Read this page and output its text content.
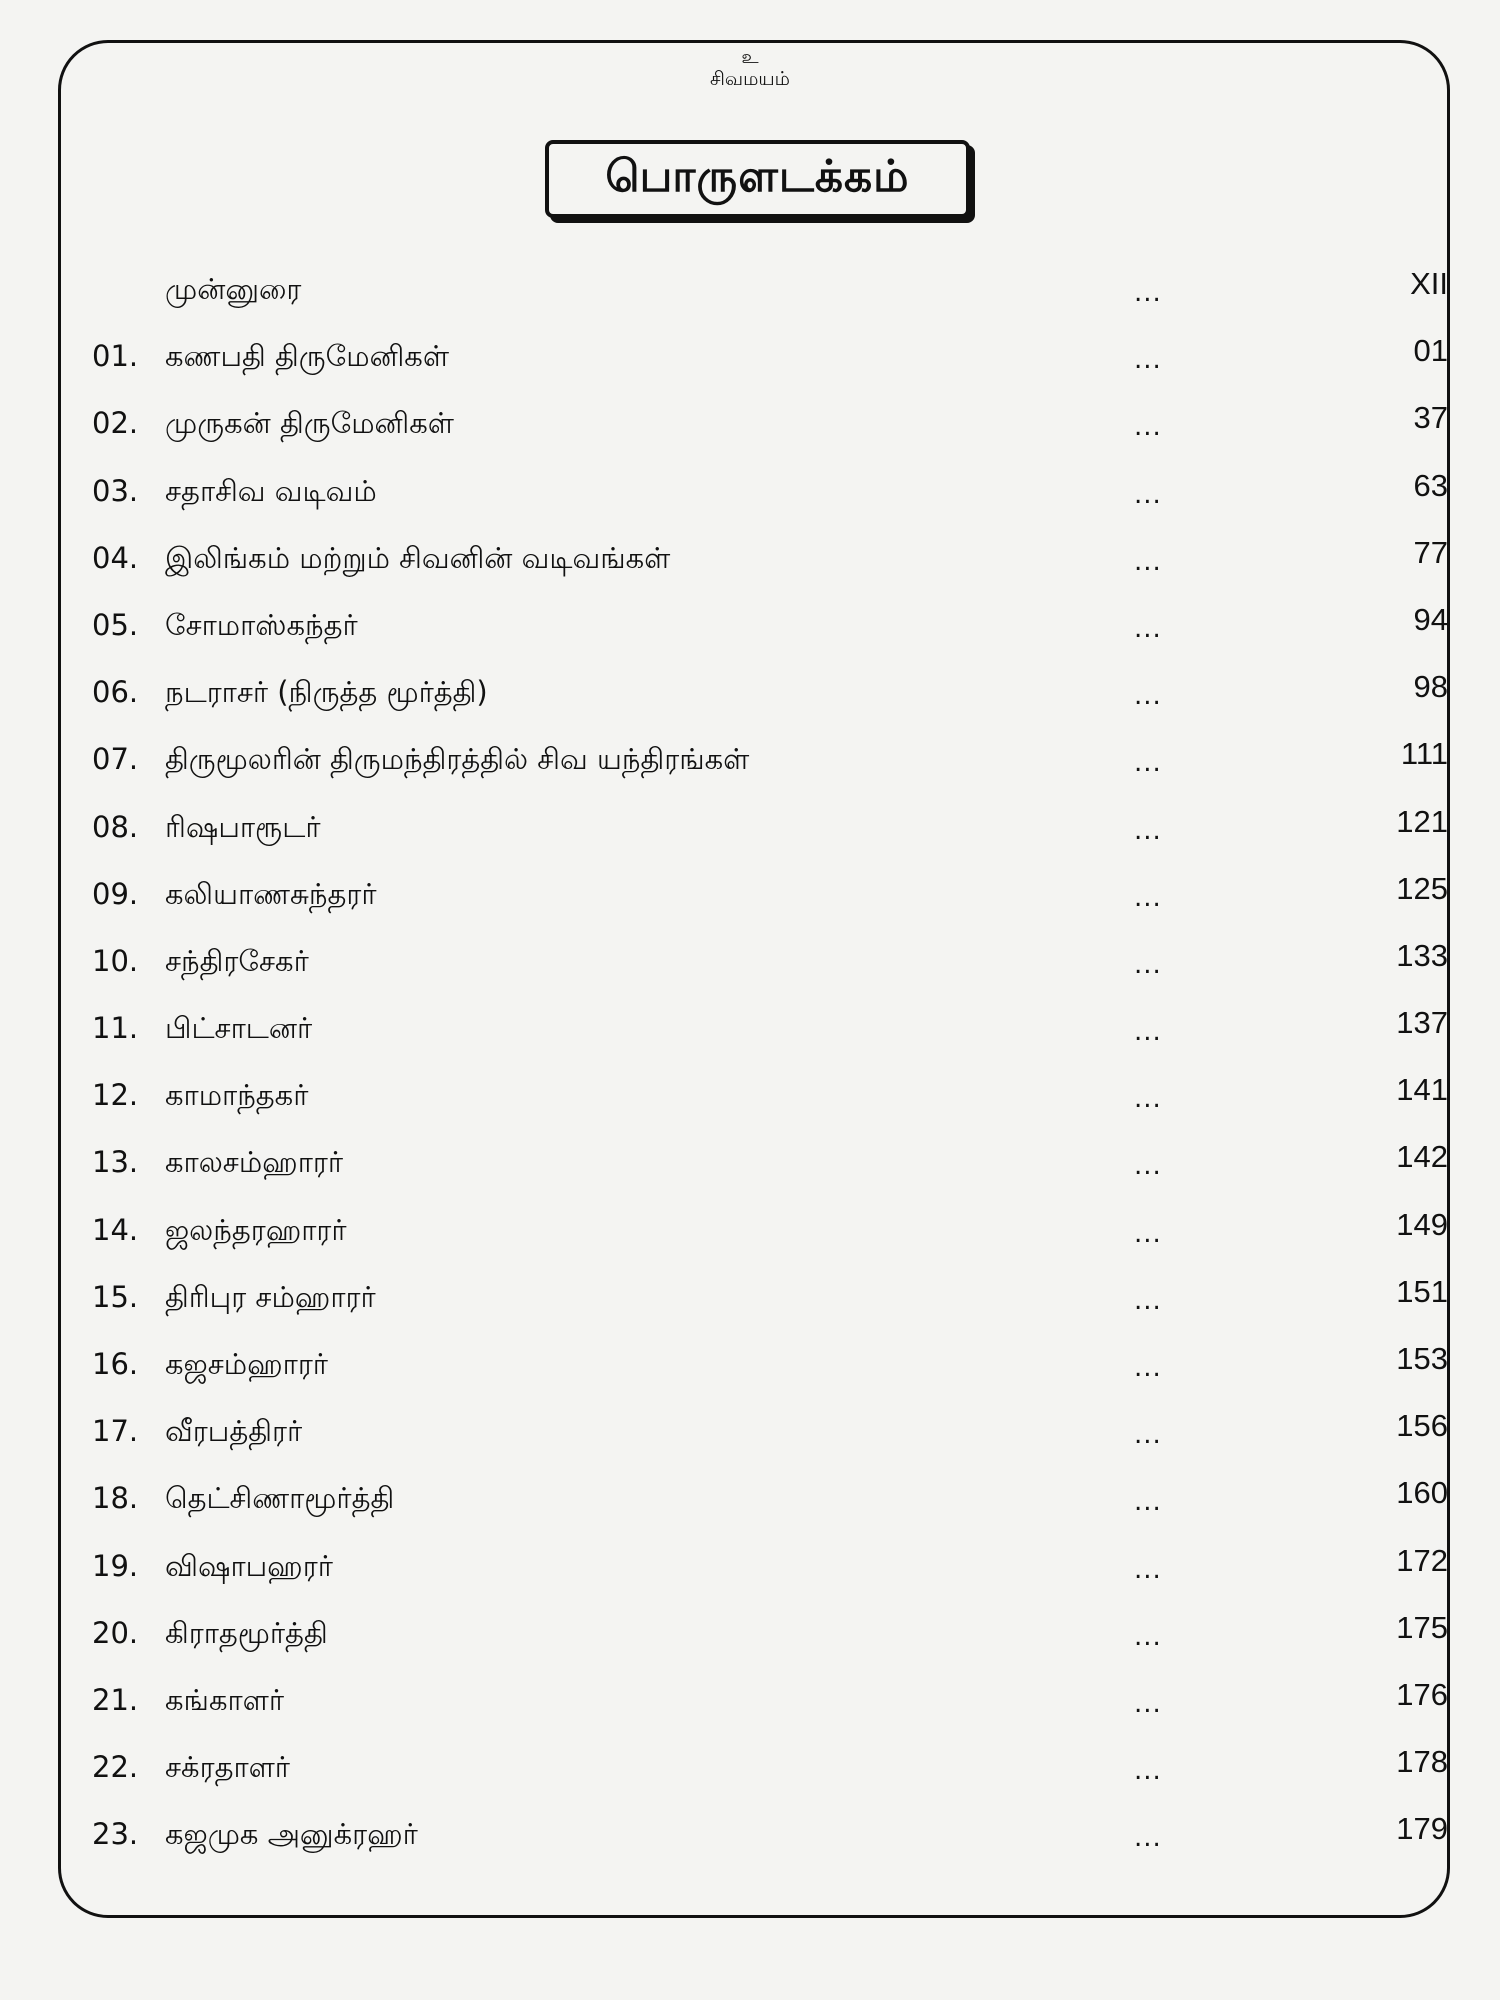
உ
சிவமயம்
பொருளடக்கம்
முன்னுரை	...	XII
01. கணபதி திருமேனிகள்	...	01
02. முருகன் திருமேனிகள்	...	37
03. சதாசிவ வடிவம்	...	63
04. இலிங்கம் மற்றும் சிவனின் வடிவங்கள்	...	77
05. சோமாஸ்கந்தர்	...	94
06. நடராசர் (நிருத்த மூர்த்தி)	...	98
07. திருமூலரின் திருமந்திரத்தில் சிவ யந்திரங்கள்	...	111
08. ரிஷபாரூடர்	...	121
09. கலியாணசுந்தரர்	...	125
10. சந்திரசேகர்	...	133
11. பிட்சாடனர்	...	137
12. காமாந்தகர்	...	141
13. காலசம்ஹாரர்	...	142
14. ஜலந்தரஹாரர்	...	149
15. திரிபுர சம்ஹாரர்	...	151
16. கஜசம்ஹாரர்	...	153
17. வீரபத்திரர்	...	156
18. தெட்சிணாமூர்த்தி	...	160
19. விஷாபஹரர்	...	172
20. கிராதமூர்த்தி	...	175
21. கங்காளர்	...	176
22. சக்ரதாளர்	...	178
23. கஜமுக அனுக்ரஹர்	...	179
